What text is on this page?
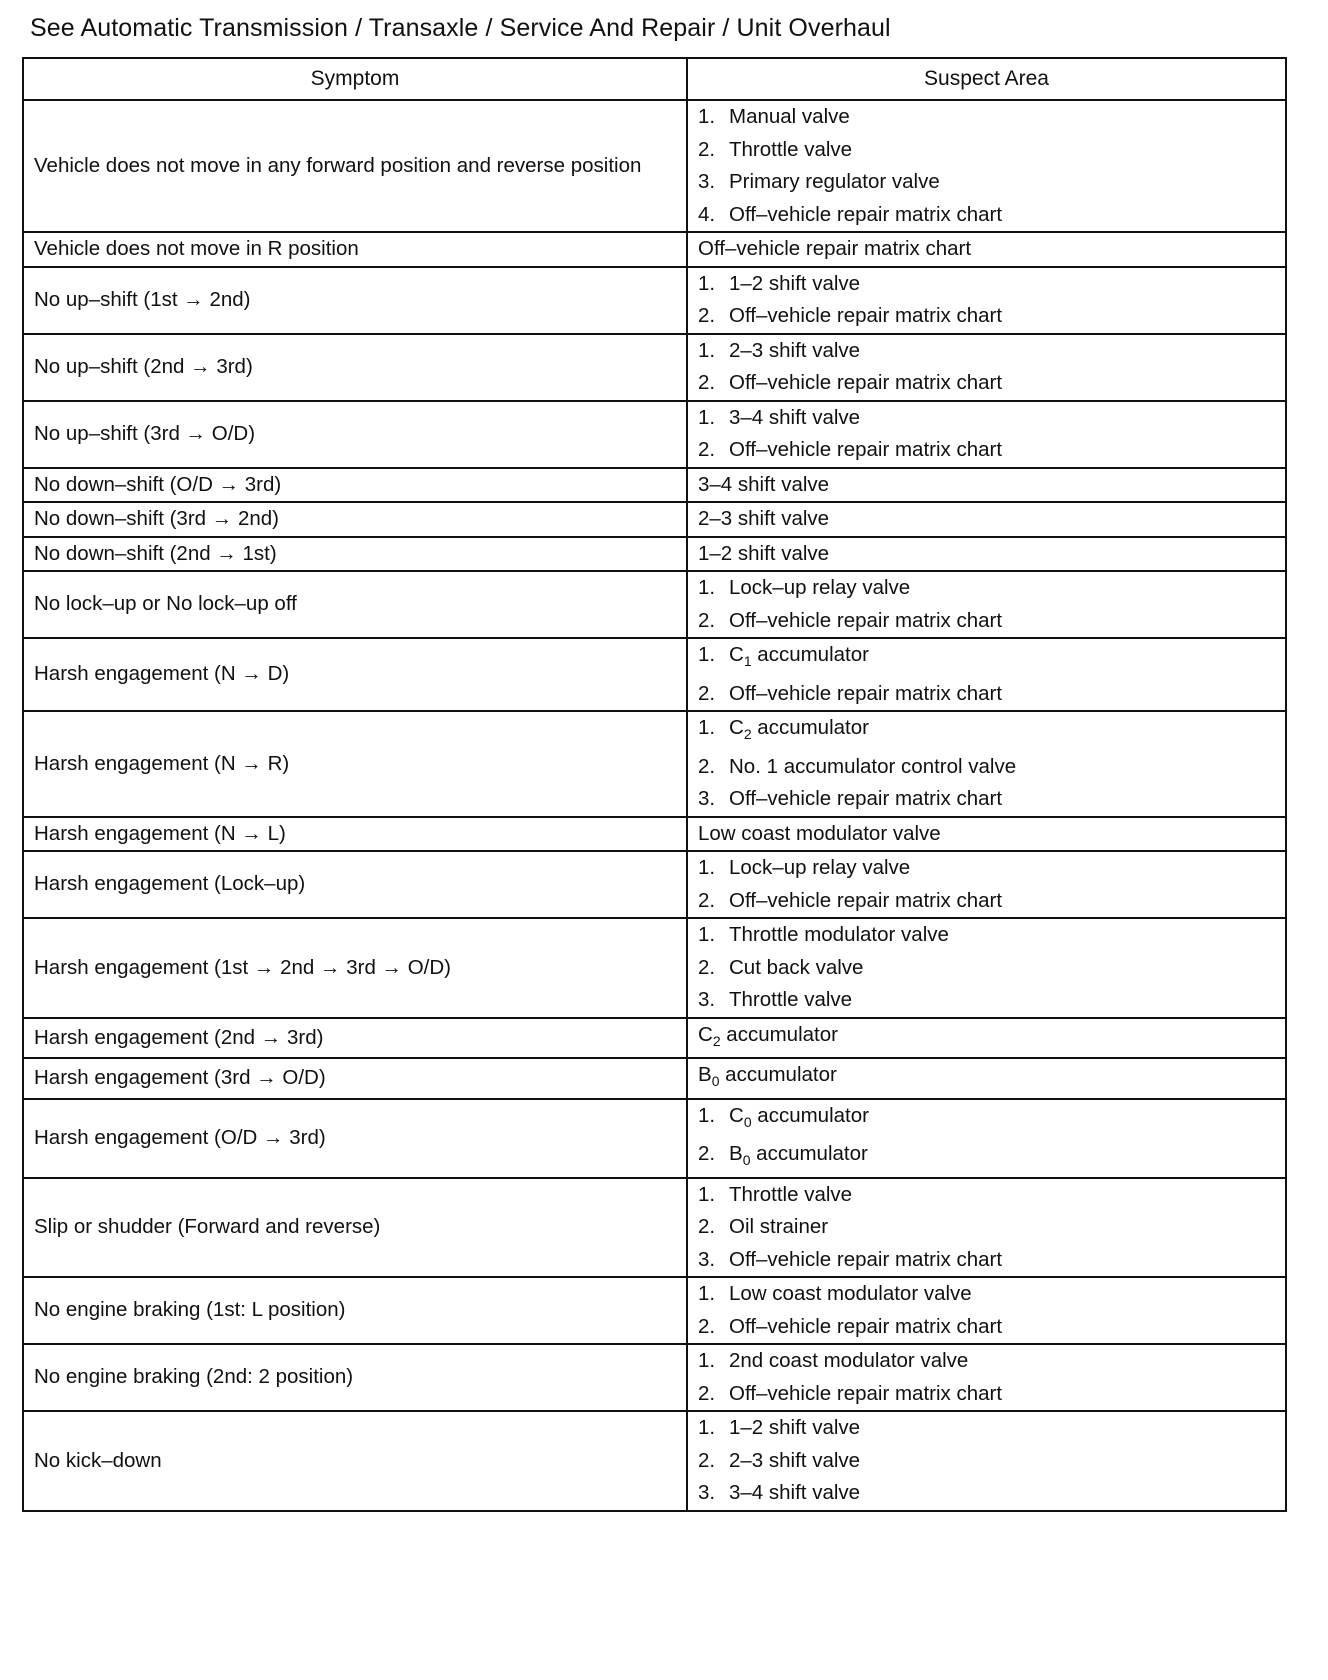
See Automatic Transmission / Transaxle / Service And Repair / Unit Overhaul
Symptom	Suspect Area
Vehicle does not move in any forward position and reverse position	1. Manual valve
2. Throttle valve
3. Primary regulator valve
4. Off–vehicle repair matrix chart

Vehicle does not move in R position	Off–vehicle repair matrix chart

No up–shift (1st → 2nd)	1. 1–2 shift valve
2. Off–vehicle repair matrix chart

No up–shift (2nd → 3rd)	1. 2–3 shift valve
2. Off–vehicle repair matrix chart

No up–shift (3rd → O/D)	1. 3–4 shift valve
2. Off–vehicle repair matrix chart

No down–shift (O/D → 3rd)	3–4 shift valve

No down–shift (3rd → 2nd)	2–3 shift valve

No down–shift (2nd → 1st)	1–2 shift valve

No lock–up or No lock–up off	1. Lock–up relay valve
2. Off–vehicle repair matrix chart

Harsh engagement (N → D)	1. $C_1$ accumulator
2. Off–vehicle repair matrix chart

Harsh engagement (N → R)	1. $C_2$ accumulator
2. No. 1 accumulator control valve
3. Off–vehicle repair matrix chart

Harsh engagement (N → L)	Low coast modulator valve

Harsh engagement (Lock–up)	1. Lock–up relay valve
2. Off–vehicle repair matrix chart

Harsh engagement (1st → 2nd → 3rd → O/D)	1. Throttle modulator valve
2. Cut back valve
3. Throttle valve

Harsh engagement (2nd → 3rd)	$C_2$ accumulator

Harsh engagement (3rd → O/D)	$B_0$ accumulator

Harsh engagement (O/D → 3rd)	1. $C_0$ accumulator
2. $B_0$ accumulator

Slip or shudder (Forward and reverse)	1. Throttle valve
2. Oil strainer
3. Off–vehicle repair matrix chart

No engine braking (1st: L position)	1. Low coast modulator valve
2. Off–vehicle repair matrix chart

No engine braking (2nd: 2 position)	1. 2nd coast modulator valve
2. Off–vehicle repair matrix chart

No kick–down	1. 1–2 shift valve
2. 2–3 shift valve
3. 3–4 shift valve
